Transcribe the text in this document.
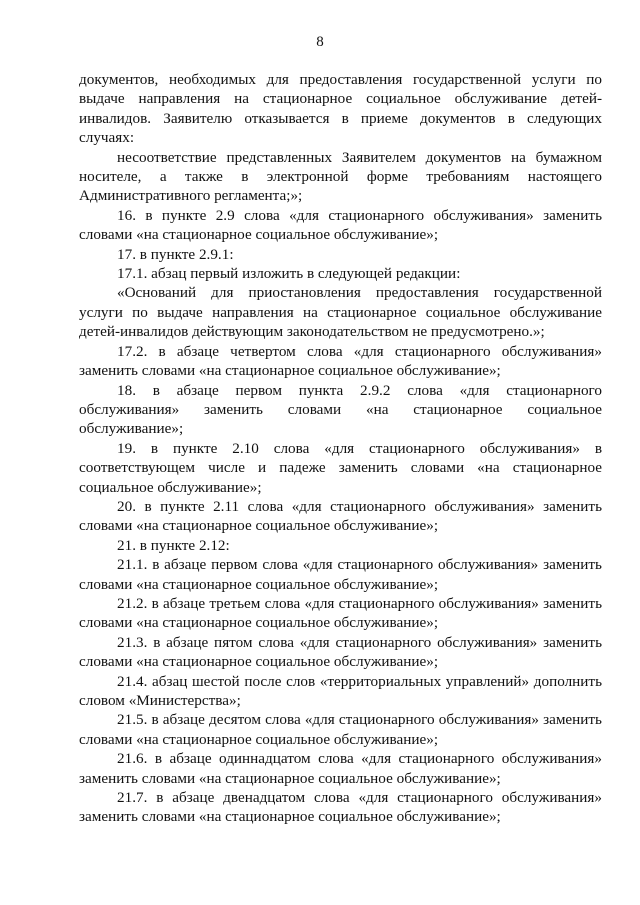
8

документов, необходимых для предоставления государственной услуги по выдаче направления на стационарное социальное обслуживание детей-инвалидов. Заявителю отказывается в приеме документов в следующих случаях:

несоответствие представленных Заявителем документов на бумажном носителе, а также в электронной форме требованиям настоящего Административного регламента;»;

16. в пункте 2.9 слова «для стационарного обслуживания» заменить словами «на стационарное социальное обслуживание»;

17. в пункте 2.9.1:

17.1. абзац первый изложить в следующей редакции:

«Оснований для приостановления предоставления государственной услуги по выдаче направления на стационарное социальное обслуживание детей-инвалидов действующим законодательством не предусмотрено.»;

17.2. в абзаце четвертом слова «для стационарного обслуживания» заменить словами «на стационарное социальное обслуживание»;

18. в абзаце первом пункта 2.9.2 слова «для стационарного обслуживания» заменить словами «на стационарное социальное обслуживание»;

19. в пункте 2.10 слова «для стационарного обслуживания» в соответствующем числе и падеже заменить словами «на стационарное социальное обслуживание»;

20. в пункте 2.11 слова «для стационарного обслуживания» заменить словами «на стационарное социальное обслуживание»;

21. в пункте 2.12:

21.1. в абзаце первом слова «для стационарного обслуживания» заменить словами «на стационарное социальное обслуживание»;

21.2. в абзаце третьем слова «для стационарного обслуживания» заменить словами «на стационарное социальное обслуживание»;

21.3. в абзаце пятом слова «для стационарного обслуживания» заменить словами «на стационарное социальное обслуживание»;

21.4. абзац шестой после слов «территориальных управлений» дополнить словом «Министерства»;

21.5. в абзаце десятом слова «для стационарного обслуживания» заменить словами «на стационарное социальное обслуживание»;

21.6. в абзаце одиннадцатом слова «для стационарного обслуживания» заменить словами «на стационарное социальное обслуживание»;

21.7. в абзаце двенадцатом слова «для стационарного обслуживания» заменить словами «на стационарное социальное обслуживание»;
